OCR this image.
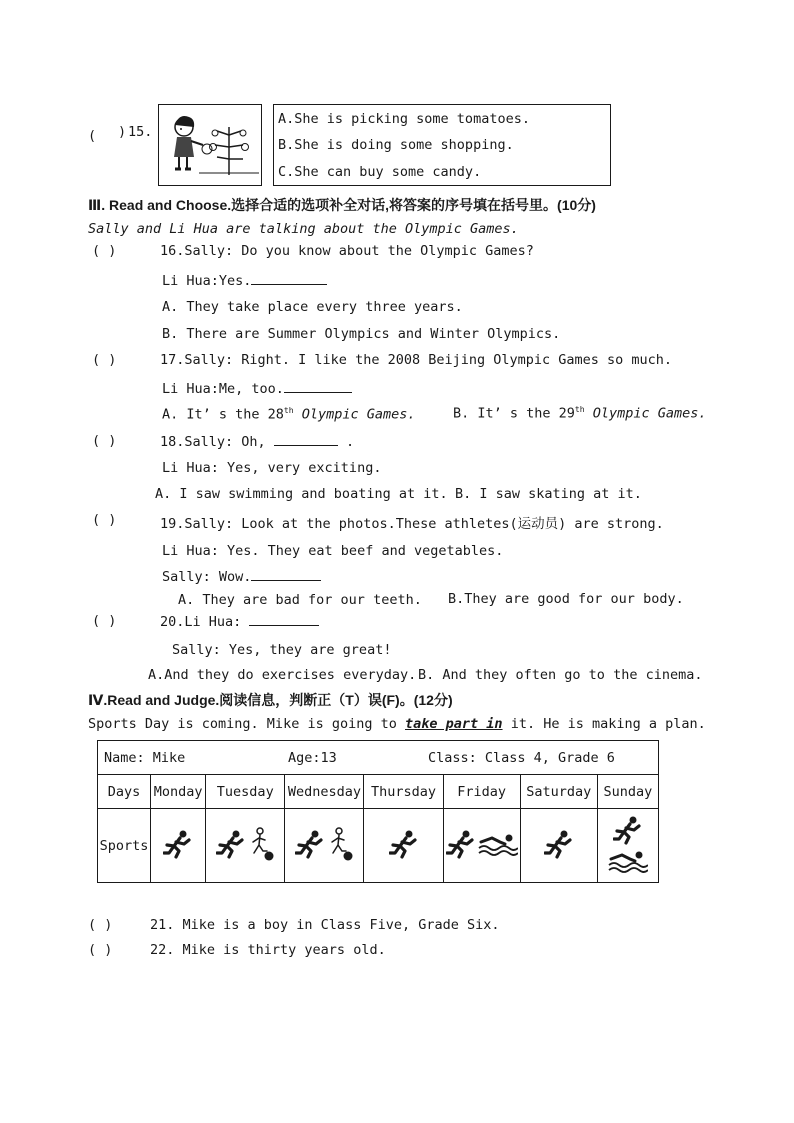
( ) 15.
A.She is picking some tomatoes.
B.She is doing some shopping.
C.She can buy some candy.
Ⅲ. Read and Choose.选择合适的选项补全对话,将答案的序号填在括号里。(10分)
Sally and Li Hua are talking about the Olympic Games.
( )	16.Sally: Do you know about the Olympic Games?
Li Hua:Yes.
A. They take place every three years.
B. There are Summer Olympics and Winter Olympics.
( )	17.Sally: Right. I like the 2008 Beijing Olympic Games so much.
Li Hua:Me, too.
A. It’ s the 28th Olympic Games.	B. It’ s the 29th Olympic Games.
( )	18.Sally: Oh,	.
Li Hua: Yes, very exciting.
A. I saw swimming and boating at it. B. I saw skating at it.
( )	19.Sally: Look at the photos.These athletes(运动员) are strong.
Li Hua: Yes. They eat beef and vegetables.
Sally: Wow.
A. They are bad for our teeth. B.They are good for our body.
( )	20.Li Hua:
Sally: Yes, they are great!
A.And they do exercises everyday. B. And they often go to the cinema.
Ⅳ.Read and Judge.阅读信息，判断正（T）误(F)。(12分)
Sports Day is coming. Mike is going to take part in it. He is making a plan.
Name: Mike Age:13 Class: Class 4, Grade 6							

Days	Monday	Tuesday	Wednesday	Thursday	Friday	Saturday	Sunday
Sports							
( )	21. Mike is a boy in Class Five, Grade Six.
( )	22. Mike is thirty years old.
